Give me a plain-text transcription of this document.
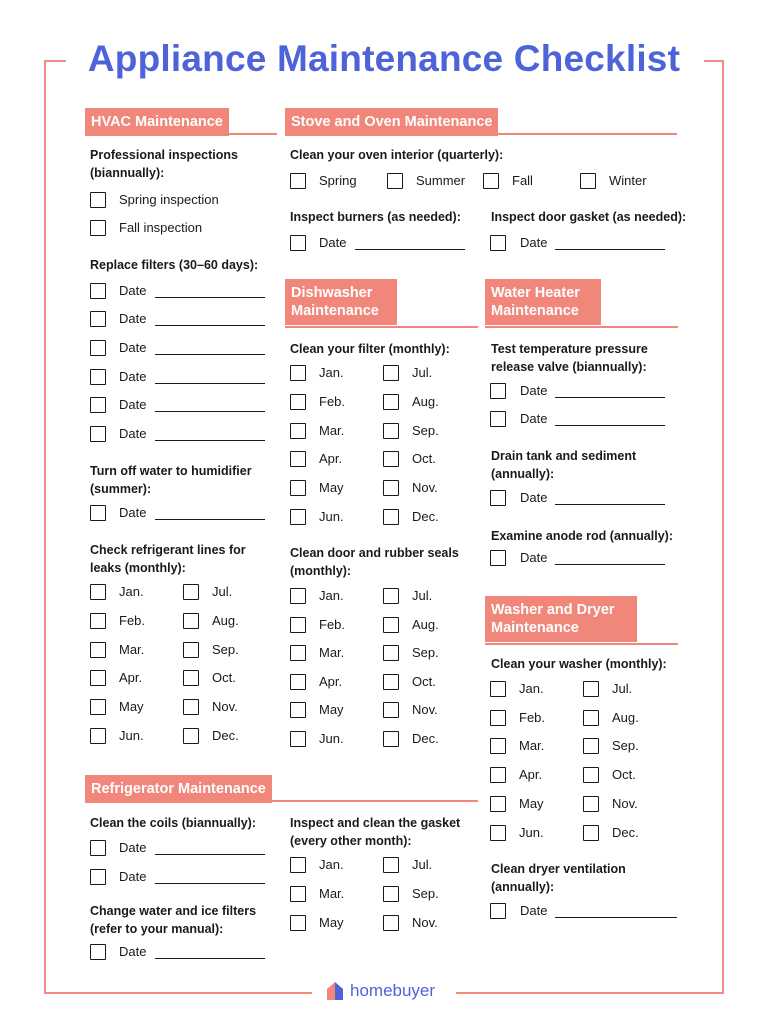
Appliance Maintenance Checklist
HVAC Maintenance
Professional inspections (biannually):
Spring inspection
Fall inspection
Replace filters (30–60 days):
Date
Date
Date
Date
Date
Date
Turn off water to humidifier (summer):
Date
Check refrigerant lines for leaks (monthly):
Jan.
Feb.
Mar.
Apr.
May
Jun.
Jul.
Aug.
Sep.
Oct.
Nov.
Dec.
Stove and Oven Maintenance
Clean your oven interior (quarterly):
Spring	Summer	Fall	Winter
Inspect burners (as needed):
Date
Inspect door gasket (as needed):
Date
Dishwasher
Maintenance
Clean your filter (monthly):
Jan.
Feb.
Mar.
Apr.
May
Jun.
Jul.
Aug.
Sep.
Oct.
Nov.
Dec.
Clean door and rubber seals (monthly):
Jan.
Feb.
Mar.
Apr.
May
Jun.
Jul.
Aug.
Sep.
Oct.
Nov.
Dec.
Water Heater
Maintenance
Test temperature pressure release valve (biannually):
Date
Date
Drain tank and sediment (annually):
Date
Examine anode rod (annually):
Date
Washer and Dryer
Maintenance
Clean your washer (monthly):
Jan.
Feb.
Mar.
Apr.
May
Jun.
Jul.
Aug.
Sep.
Oct.
Nov.
Dec.
Clean dryer ventilation (annually):
Date
Refrigerator Maintenance
Clean the coils (biannually):
Date
Date
Change water and ice filters (refer to your manual):
Date
Inspect and clean the gasket (every other month):
Jan.
Mar.
May
Jul.
Sep.
Nov.
homebuyer
